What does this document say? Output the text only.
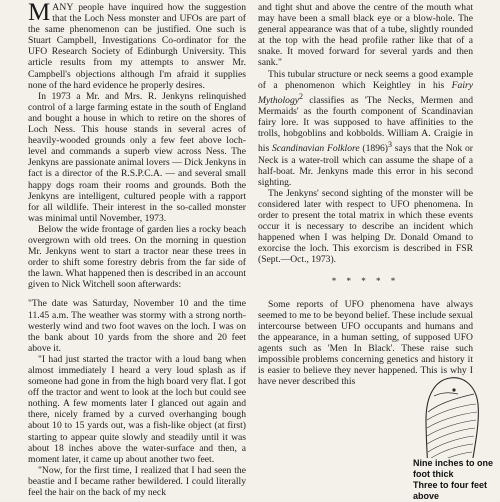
MANY people have inquired how the suggestion that the Loch Ness monster and UFOs are part of the same phenomenon can be justified. One such is Stuart Campbell, Investigations Co-ordinator for the UFO Research Society of Edinburgh University. This article results from my attempts to answer Mr. Campbell's objections although I'm afraid it supplies none of the hard evidence he properly desires.

In 1973 a Mr. and Mrs. R. Jenkyns relinquished control of a large farming estate in the south of England and bought a house in which to retire on the shores of Loch Ness. This house stands in several acres of heavily-wooded grounds only a few feet above loch-level and commands a superb view across Ness. The Jenkyns are passionate animal lovers — Dick Jenkyns in fact is a director of the R.S.P.C.A. — and several small happy dogs roam their rooms and grounds. Both the Jenkyns are intelligent, cultured people with a rapport for all wildlife. Their interest in the so-called monster was minimal until November, 1973.

Below the wide frontage of garden lies a rocky beach overgrown with old trees. On the morning in question Mr. Jenkyns went to start a tractor near these trees in order to shift some forestry debris from the far side of the lawn. What happened then is described in an account given to Nick Witchell soon afterwards:

"The date was Saturday, November 10 and the time 11.45 a.m. The weather was stormy with a strong north-westerly wind and two foot waves on the loch. I was on the bank about 10 yards from the shore and 20 feet above it.

"I had just started the tractor with a loud bang when almost immediately I heard a very loud splash as if someone had gone in from the high board very flat. I got off the tractor and went to look at the loch but could see nothing. A few moments later I glanced out again and there, nicely framed by a curved overhanging bough about 10 to 15 yards out, was a fish-like object (at first) starting to appear quite slowly and steadily until it was about 18 inches above the water-surface and then, a moment later, it came up about another two feet.

"Now, for the first time, I realized that I had seen the beastie and I became rather bewildered. I could literally feel the hair on the back of my neck

and tight shut and above the centre of the mouth what may have been a small black eye or a blow-hole. The general appearance was that of a tube, slightly rounded at the top with the head profile rather like that of a snake. It moved forward for several yards and then sank."

This tubular structure or neck seems a good example of a phenomenon which Keightley in his Fairy Mythology$^2$ classifies as 'The Necks, Mermen and Mermaids' as the fourth component of Scandinavian fairy lore. It was supposed to have affinities to the trolls, hobgoblins and kobbolds. William A. Craigie in his Scandinavian Folklore $(1896)^3$ says that the Nok or Neck is a water-troll which can assume the shape of a half-boat. Mr. Jenkyns made this error in his second sighting.

The Jenkyns' second sighting of the monster will be considered later with respect to UFO phenomena. In order to present the total matrix in which these events occur it is necessary to describe an incident which happened when I was helping Dr. Donald Omand to exorcise the loch. This exorcism is described in FSR (Sept.—Oct., 1973).

* * * * *

Some reports of UFO phenomena have always seemed to me to be beyond belief. These include sexual intercourse between UFO occupants and humans and the appearance, in a human setting, of supposed UFO agents such as 'Men In Black'. These raise such impossible problems concerning genetics and history it is easier to believe they never happened. This is why I have never described this

Nine inches to one foot thick
Three to four feet above
